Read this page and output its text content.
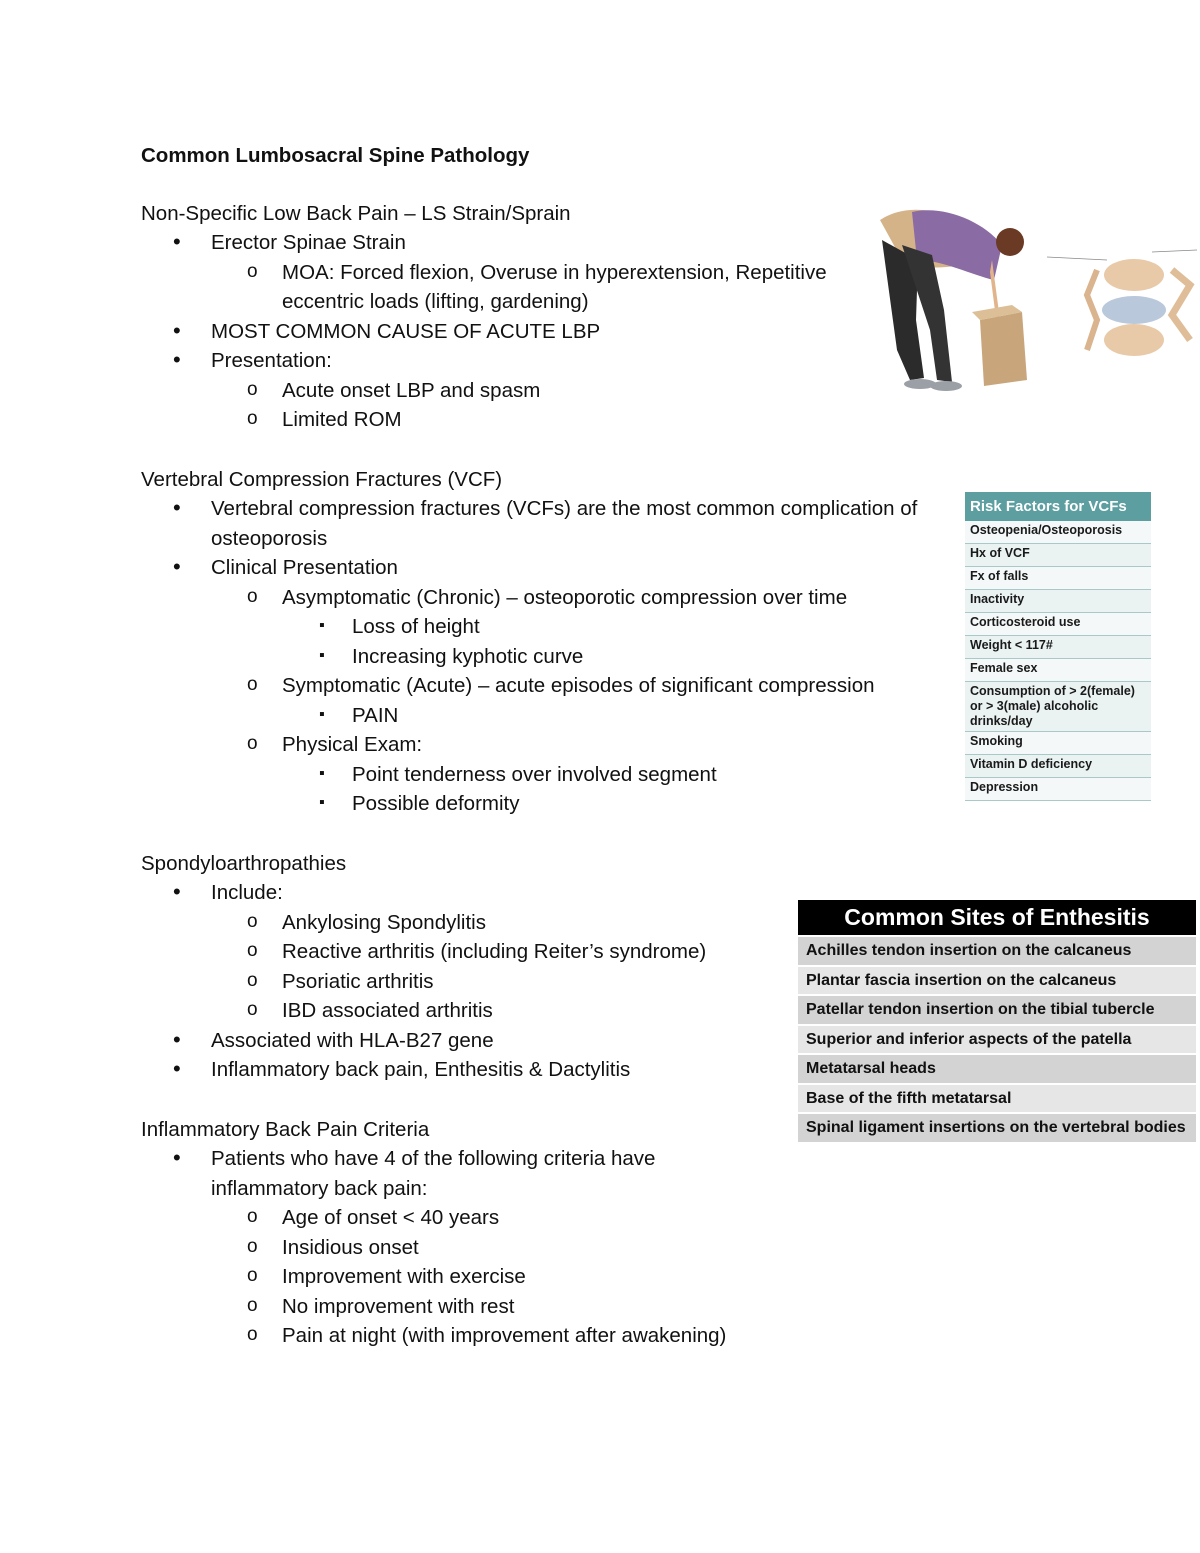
Common Lumbosacral Spine Pathology
Non-Specific Low Back Pain – LS Strain/Sprain
• Erector Spinae Strain
o MOA: Forced flexion, Overuse in hyperextension, Repetitive eccentric loads (lifting, gardening)
• MOST COMMON CAUSE OF ACUTE LBP
• Presentation:
o Acute onset LBP and spasm
o Limited ROM
Vertebral Compression Fractures (VCF)
• Vertebral compression fractures (VCFs) are the most common complication of osteoporosis
• Clinical Presentation
o Asymptomatic (Chronic) – osteoporotic compression over time
▪ Loss of height
▪ Increasing kyphotic curve
o Symptomatic (Acute) – acute episodes of significant compression
▪ PAIN
o Physical Exam:
▪ Point tenderness over involved segment
▪ Possible deformity
Spondyloarthropathies
• Include:
o Ankylosing Spondylitis
o Reactive arthritis (including Reiter’s syndrome)
o Psoriatic arthritis
o IBD associated arthritis
• Associated with HLA-B27 gene
• Inflammatory back pain, Enthesitis & Dactylitis
Inflammatory Back Pain Criteria
• Patients who have 4 of the following criteria have inflammatory back pain:
o Age of onset < 40 years
o Insidious onset
o Improvement with exercise
o No improvement with rest
o Pain at night (with improvement after awakening)
Risk Factors for VCFs
Osteopenia/Osteoporosis
Hx of VCF
Fx of falls
Inactivity
Corticosteroid use
Weight < 117#
Female sex
Consumption of > 2(female) or > 3(male) alcoholic drinks/day
Smoking
Vitamin D deficiency
Depression
Common Sites of Enthesitis
Achilles tendon insertion on the calcaneus
Plantar fascia insertion on the calcaneus
Patellar tendon insertion on the tibial tubercle
Superior and inferior aspects of the patella
Metatarsal heads
Base of the fifth metatarsal
Spinal ligament insertions on the vertebral bodies
